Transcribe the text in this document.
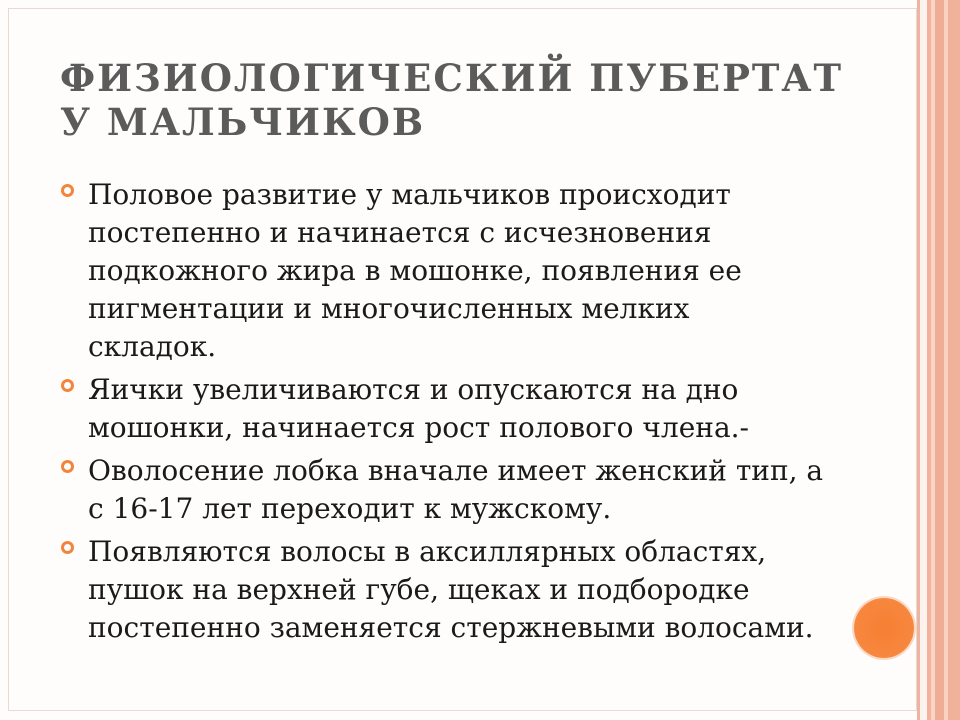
ФИЗИОЛОГИЧЕСКИЙ ПУБЕРТАТ
У МАЛЬЧИКОВ
Половое развитие у мальчиков происходит
постепенно и начинается с исчезновения
подкожного жира в мошонке, появления ее
пигментации и многочисленных мелких
складок.
Яички увеличиваются и опускаются на дно
мошонки, начинается рост полового члена.-
Оволосение лобка вначале имеет женский тип, а
с 16-17 лет переходит к мужскому.
Появляются волосы в аксиллярных областях,
пушок на верхней губе, щеках и подбородке
постепенно заменяется стержневыми волосами.
